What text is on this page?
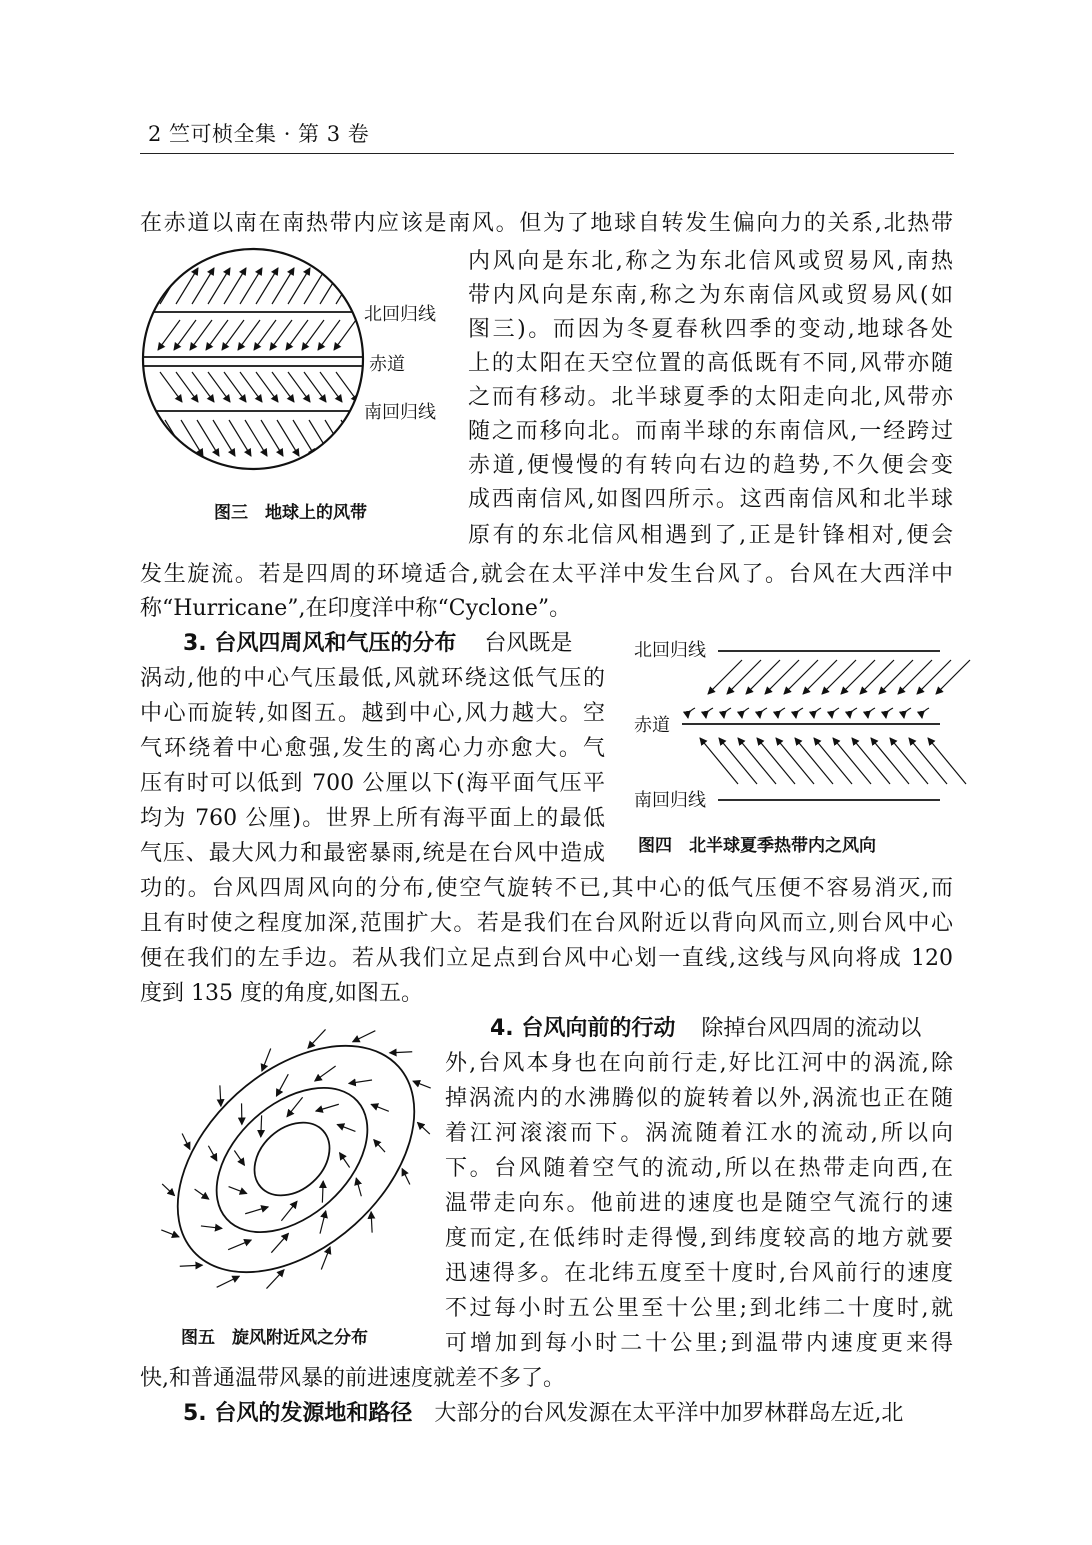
2 竺可桢全集 · 第 3 卷
在赤道以南在南热带内应该是南风。但为了地球自转发生偏向力的关系,北热带
内风向是东北,称之为东北信风或贸易风,南热
带内风向是东南,称之为东南信风或贸易风(如
图三)。而因为冬夏春秋四季的变动,地球各处
上的太阳在天空位置的高低既有不同,风带亦随
之而有移动。北半球夏季的太阳走向北,风带亦
随之而移向北。而南半球的东南信风,一经跨过
赤道,便慢慢的有转向右边的趋势,不久便会变
成西南信风,如图四所示。这西南信风和北半球
原有的东北信风相遇到了,正是针锋相对,便会
发生旋流。若是四周的环境适合,就会在太平洋中发生台风了。台风在大西洋中
称“Hurricane”,在印度洋中称“Cyclone”。
3. 台风四周风和气压的分布 台风既是
涡动,他的中心气压最低,风就环绕这低气压的
中心而旋转,如图五。越到中心,风力越大。空
气环绕着中心愈强,发生的离心力亦愈大。气
压有时可以低到 700 公厘以下(海平面气压平
均为 760 公厘)。世界上所有海平面上的最低
气压、最大风力和最密暴雨,统是在台风中造成
功的。台风四周风向的分布,使空气旋转不已,其中心的低气压便不容易消灭,而
且有时使之程度加深,范围扩大。若是我们在台风附近以背向风而立,则台风中心
便在我们的左手边。若从我们立足点到台风中心划一直线,这线与风向将成 120
度到 135 度的角度,如图五。
4. 台风向前的行动 除掉台风四周的流动以
外,台风本身也在向前行走,好比江河中的涡流,除
掉涡流内的水沸腾似的旋转着以外,涡流也正在随
着江河滚滚而下。涡流随着江水的流动,所以向
下。台风随着空气的流动,所以在热带走向西,在
温带走向东。他前进的速度也是随空气流行的速
度而定,在低纬时走得慢,到纬度较高的地方就要
迅速得多。在北纬五度至十度时,台风前行的速度
不过每小时五公里至十公里;到北纬二十度时,就
可增加到每小时二十公里;到温带内速度更来得
快,和普通温带风暴的前进速度就差不多了。
5. 台风的发源地和路径 大部分的台风发源在太平洋中加罗林群岛左近,北
北回归线
赤道
南回归线
图三　地球上的风带
北回归线
赤道
南回归线
图四　北半球夏季热带内之风向
图五　旋风附近风之分布
